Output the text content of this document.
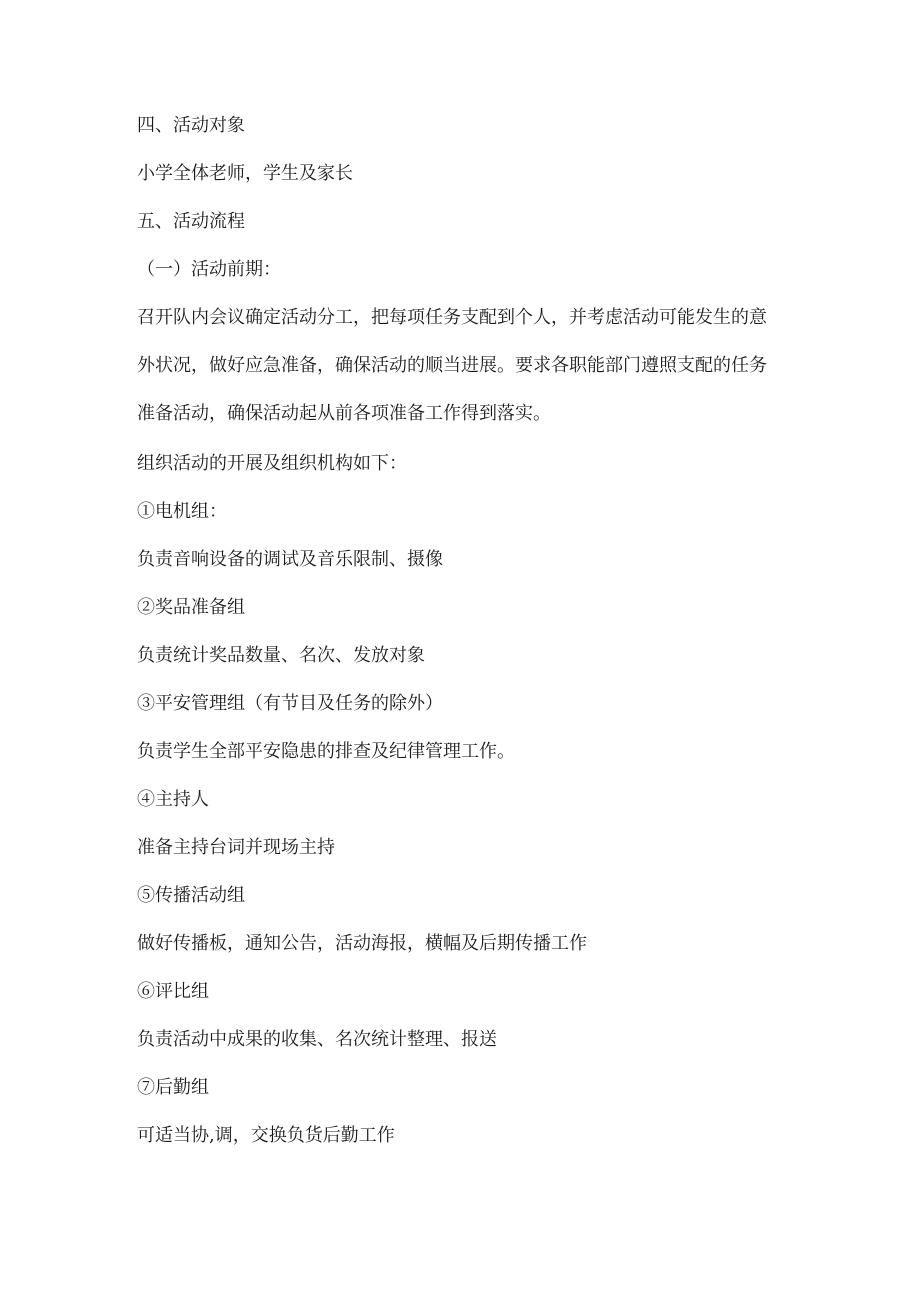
四、活动对象

小学全体老师，学生及家长

五、活动流程

（一）活动前期：

召开队内会议确定活动分工，把每项任务支配到个人，并考虑活动可能发生的意外状况，做好应急准备，确保活动的顺当进展。要求各职能部门遵照支配的任务准备活动，确保活动起从前各项准备工作得到落实。

组织活动的开展及组织机构如下：

①电机组：

负责音响设备的调试及音乐限制、摄像

②奖品准备组

负责统计奖品数量、名次、发放对象

③平安管理组（有节目及任务的除外）

负责学生全部平安隐患的排查及纪律管理工作。

④主持人

准备主持台词并现场主持

⑤传播活动组

做好传播板，通知公告，活动海报，横幅及后期传播工作

⑥评比组

负责活动中成果的收集、名次统计整理、报送

⑦后勤组

可适当协,调，交换负货后勤工作
